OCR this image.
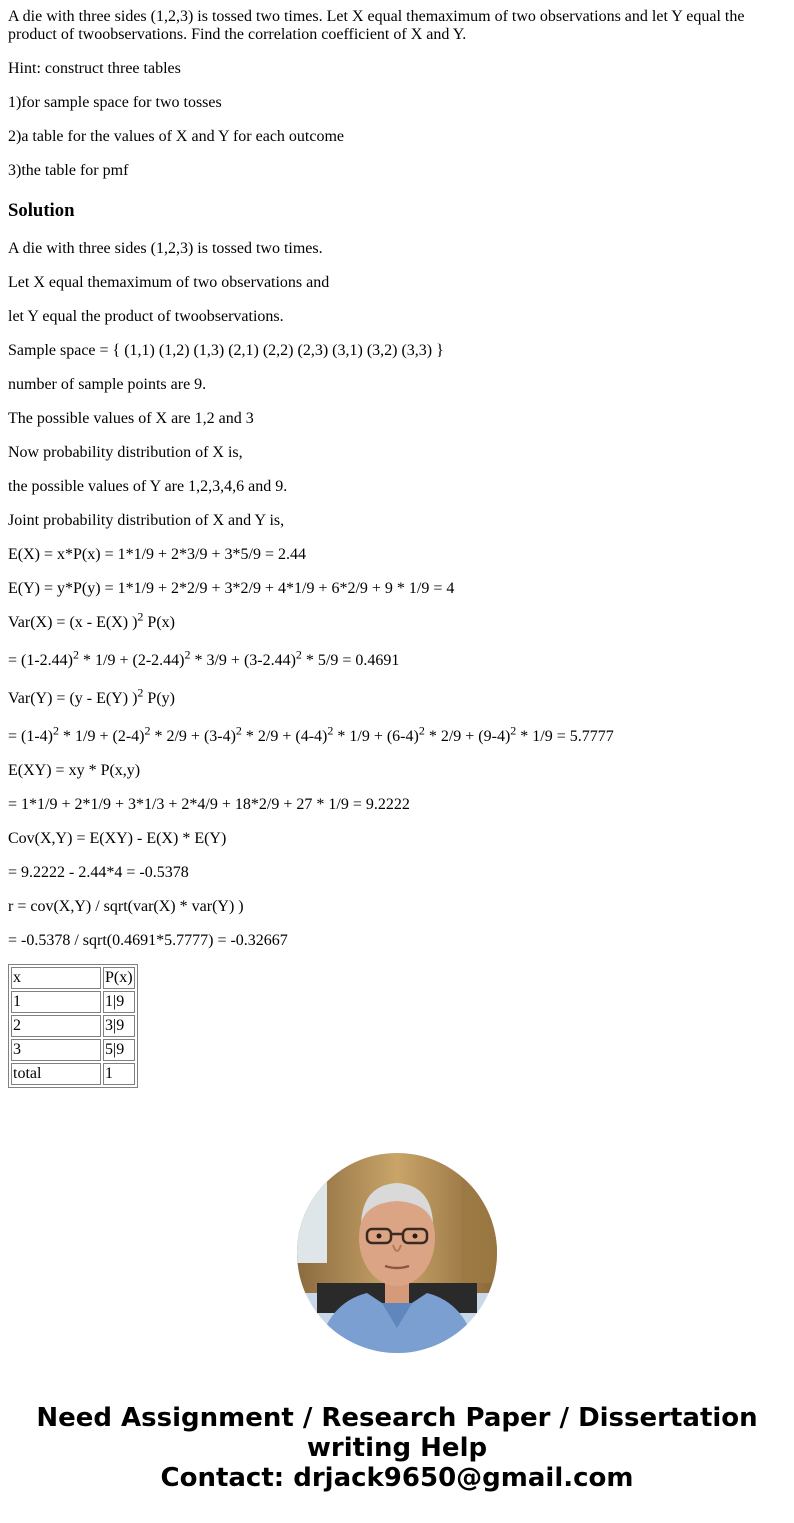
A die with three sides (1,2,3) is tossed two times. Let X equal themaximum of two observations and let Y equal the product of twoobservations. Find the correlation coefficient of X and Y.

Hint: construct three tables

1)for sample space for two tosses

2)a table for the values of X and Y for each outcome

3)the table for pmf

Solution

A die with three sides (1,2,3) is tossed two times.

Let X equal themaximum of two observations and

let Y equal the product of twoobservations.

Sample space = { (1,1) (1,2) (1,3) (2,1) (2,2) (2,3) (3,1) (3,2) (3,3) }

number of sample points are 9.

The possible values of X are 1,2 and 3

Now probability distribution of X is,

the possible values of Y are 1,2,3,4,6 and 9.

Joint probability distribution of X and Y is,

E(X) = x*P(x) = 1*1/9 + 2*3/9 + 3*5/9 = 2.44

E(Y) = y*P(y) = 1*1/9 + 2*2/9 + 3*2/9 + 4*1/9 + 6*2/9 + 9 * 1/9 = 4

Var(X) = (x - E(X) )$^2$ P(x)

= $(1-2.44)^2 * 1/9 + (2-2.44)^2 * 3/9 + (3-2.44)^2 * 5/9 = 0.4691$

Var(Y) = (y - E(Y) )$^2$ P(y)

= $(1-4)^2 * 1/9 + (2-4)^2 * 2/9 + (3-4)^2 * 2/9 + (4-4)^2 * 1/9 + (6-4)^2 * 2/9 + (9-4)^2 * 1/9 = 5.7777$

E(XY) = xy * P(x,y)

= 1*1/9 + 2*1/9 + 3*1/3 + 2*4/9 + 18*2/9 + 27 * 1/9 = 9.2222

Cov(X,Y) = E(XY) - E(X) * E(Y)

= 9.2222 - 2.44*4 = -0.5378

r = cov(X,Y) / sqrt(var(X) * var(Y) )

= -0.5378 / sqrt(0.4691*5.7777) = -0.32667

x	P(x)
1	1|9
2	3|9
3	5|9
total	1
Need Assignment / Research Paper / Dissertation
writing Help
Contact: drjack9650@gmail.com
